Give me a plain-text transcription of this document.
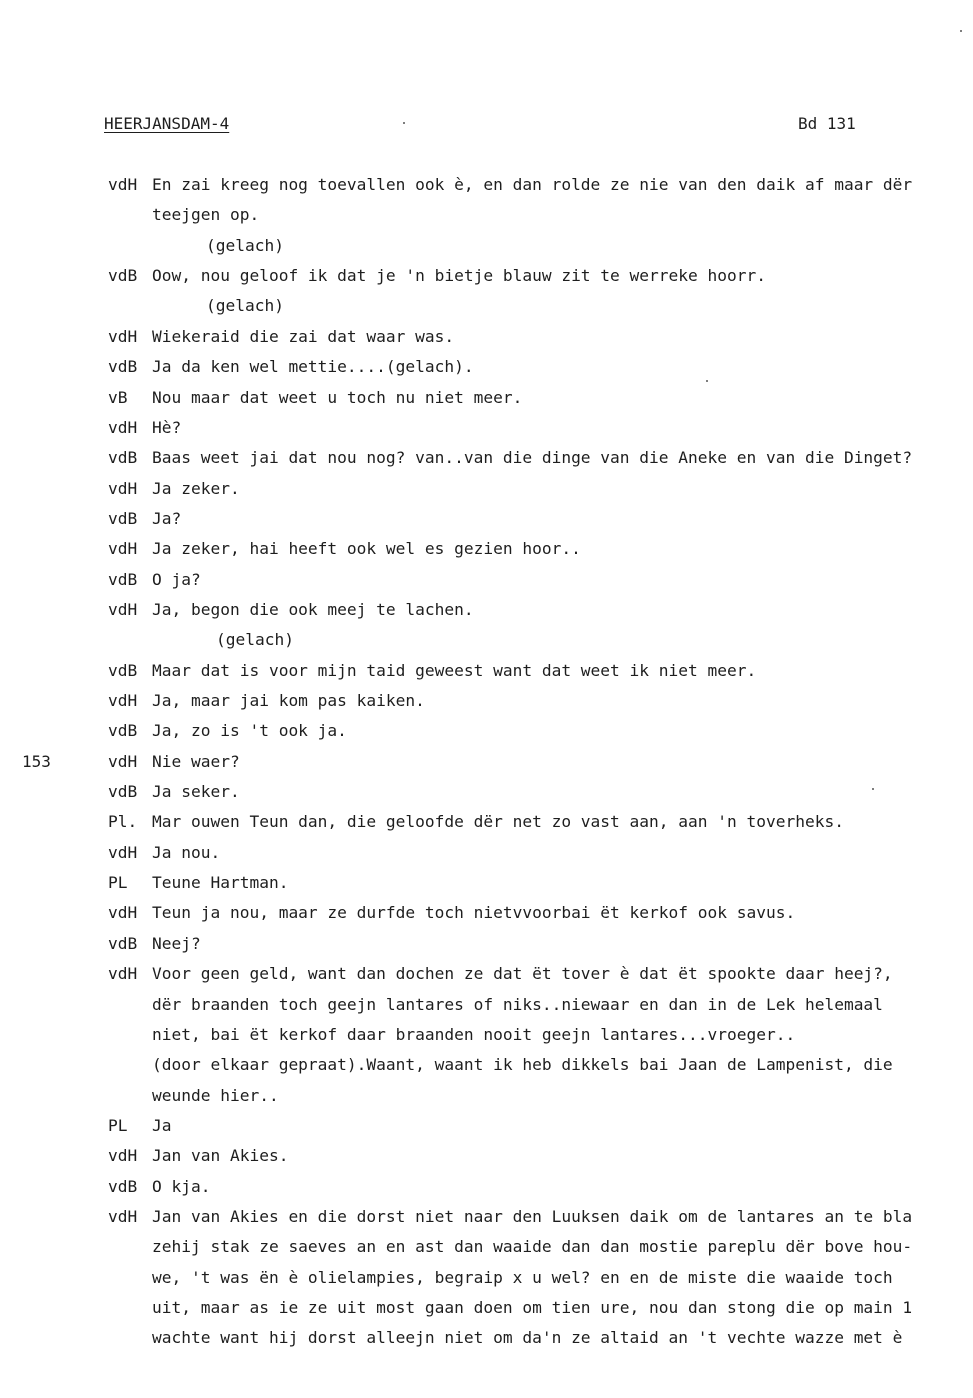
HEERJANSDAM-4	Bd 131
153
vdH En zai kreeg nog toevallen ook è, en dan rolde ze nie van den daik af maar dër
teejgen op.
(gelach)
vdB Oow, nou geloof ik dat je 'n bietje blauw zit te werreke hoorr.
(gelach)
vdH Wiekeraid die zai dat waar was.
vdB Ja da ken wel mettie....(gelach).
vB Nou maar dat weet u toch nu niet meer.
vdH Hè?
vdB Baas weet jai dat nou nog? van..van die dinge van die Aneke en van die Dinget?
vdH Ja zeker.
vdB Ja?
vdH Ja zeker, hai heeft ook wel es gezien hoor..
vdB O ja?
vdH Ja, begon die ook meej te lachen.
(gelach)
vdB Maar dat is voor mijn taid geweest want dat weet ik niet meer.
vdH Ja, maar jai kom pas kaiken.
vdB Ja, zo is 't ook ja.
vdH Nie waer?
vdB Ja seker.
Pl. Mar ouwen Teun dan, die geloofde dër net zo vast aan, aan 'n toverheks.
vdH Ja nou.
PL Teune Hartman.
vdH Teun ja nou, maar ze durfde toch nietvvoorbai ët kerkof ook savus.
vdB Neej?
vdH Voor geen geld, want dan dochen ze dat ët tover è dat ët spookte daar heej?,
dër braanden toch geejn lantares of niks..niewaar en dan in de Lek helemaal
niet, bai ët kerkof daar braanden nooit geejn lantares...vroeger..
(door elkaar gepraat).Waant, waant ik heb dikkels bai Jaan de Lampenist, die
weunde hier..
PL Ja
vdH Jan van Akies.
vdB O kja.
vdH Jan van Akies en die dorst niet naar den Luuksen daik om de lantares an te bla
zehij stak ze saeves an en ast dan waaide dan dan mostie pareplu dër bove hou-
we, 't was ën è olielampies, begraip x u wel? en en de miste die waaide toch
uit, maar as ie ze uit most gaan doen om tien ure, nou dan stong die op main 1
wachte want hij dorst alleejn niet om da'n ze altaid an 't vechte wazze met è
